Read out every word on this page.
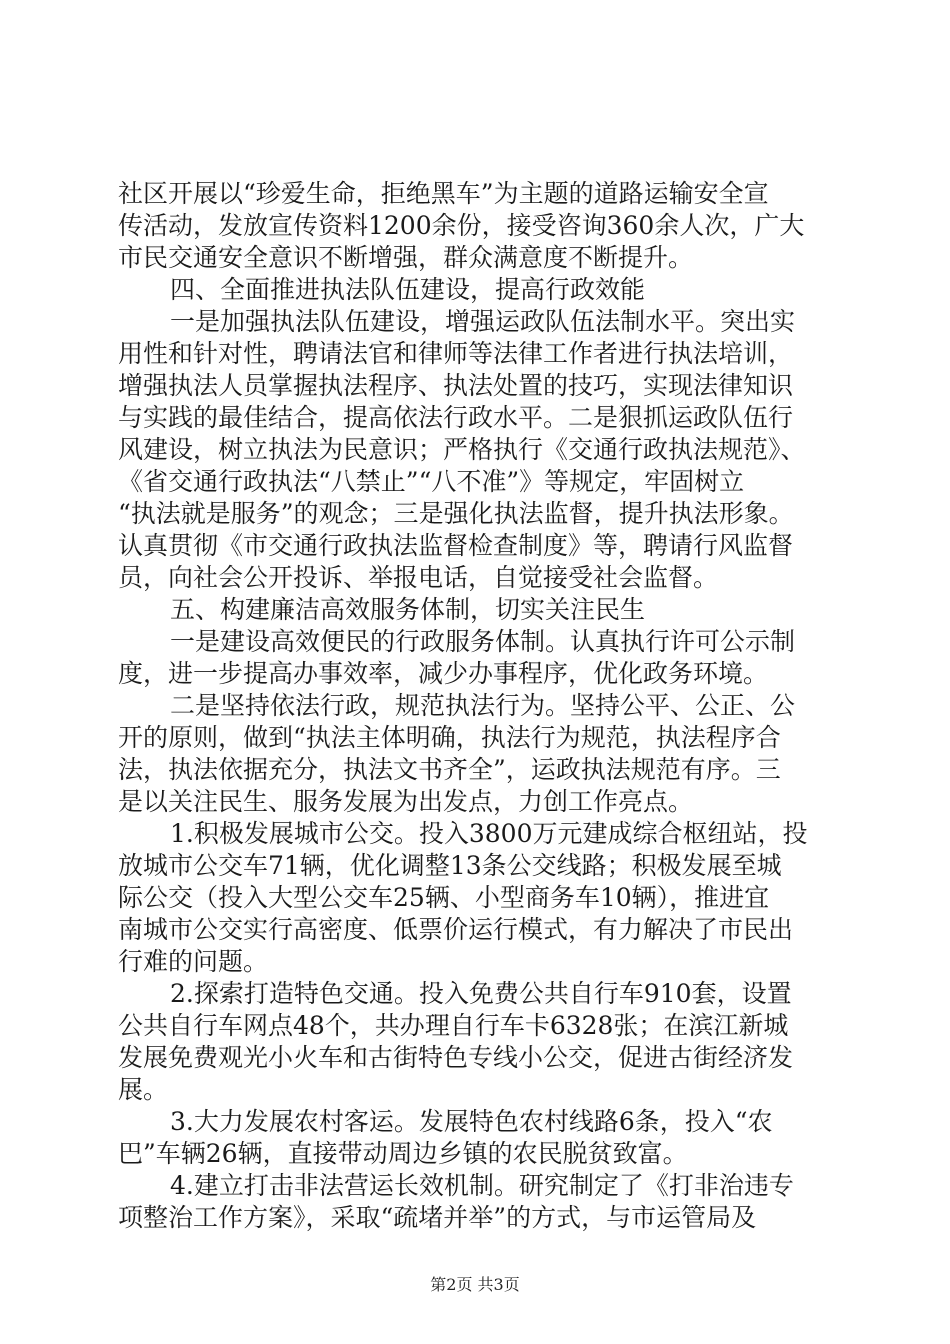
社区开展以“珍爱生命，拒绝黑车”为主题的道路运输安全宣
传活动，发放宣传资料1200余份，接受咨询360余人次，广大
市民交通安全意识不断增强，群众满意度不断提升。
四、全面推进执法队伍建设，提高行政效能
一是加强执法队伍建设，增强运政队伍法制水平。突出实
用性和针对性，聘请法官和律师等法律工作者进行执法培训，
增强执法人员掌握执法程序、执法处置的技巧，实现法律知识
与实践的最佳结合，提高依法行政水平。二是狠抓运政队伍行
风建设，树立执法为民意识；严格执行《交通行政执法规范》、
《省交通行政执法“八禁止”“八不准”》等规定，牢固树立
“执法就是服务”的观念；三是强化执法监督，提升执法形象。
认真贯彻《市交通行政执法监督检查制度》等，聘请行风监督
员，向社会公开投诉、举报电话，自觉接受社会监督。
五、构建廉洁高效服务体制，切实关注民生
一是建设高效便民的行政服务体制。认真执行许可公示制
度，进一步提高办事效率，减少办事程序，优化政务环境。
二是坚持依法行政，规范执法行为。坚持公平、公正、公
开的原则，做到“执法主体明确，执法行为规范，执法程序合
法，执法依据充分，执法文书齐全”，运政执法规范有序。三
是以关注民生、服务发展为出发点，力创工作亮点。
1.积极发展城市公交。投入3800万元建成综合枢纽站，投
放城市公交车71辆，优化调整13条公交线路；积极发展至城
际公交（投入大型公交车25辆、小型商务车10辆），推进宜
南城市公交实行高密度、低票价运行模式，有力解决了市民出
行难的问题。
2.探索打造特色交通。投入免费公共自行车910套，设置
公共自行车网点48个，共办理自行车卡6328张；在滨江新城
发展免费观光小火车和古街特色专线小公交，促进古街经济发
展。
3.大力发展农村客运。发展特色农村线路6条，投入“农
巴”车辆26辆，直接带动周边乡镇的农民脱贫致富。
4.建立打击非法营运长效机制。研究制定了《打非治违专
项整治工作方案》，采取“疏堵并举”的方式，与市运管局及
第2页 共3页
